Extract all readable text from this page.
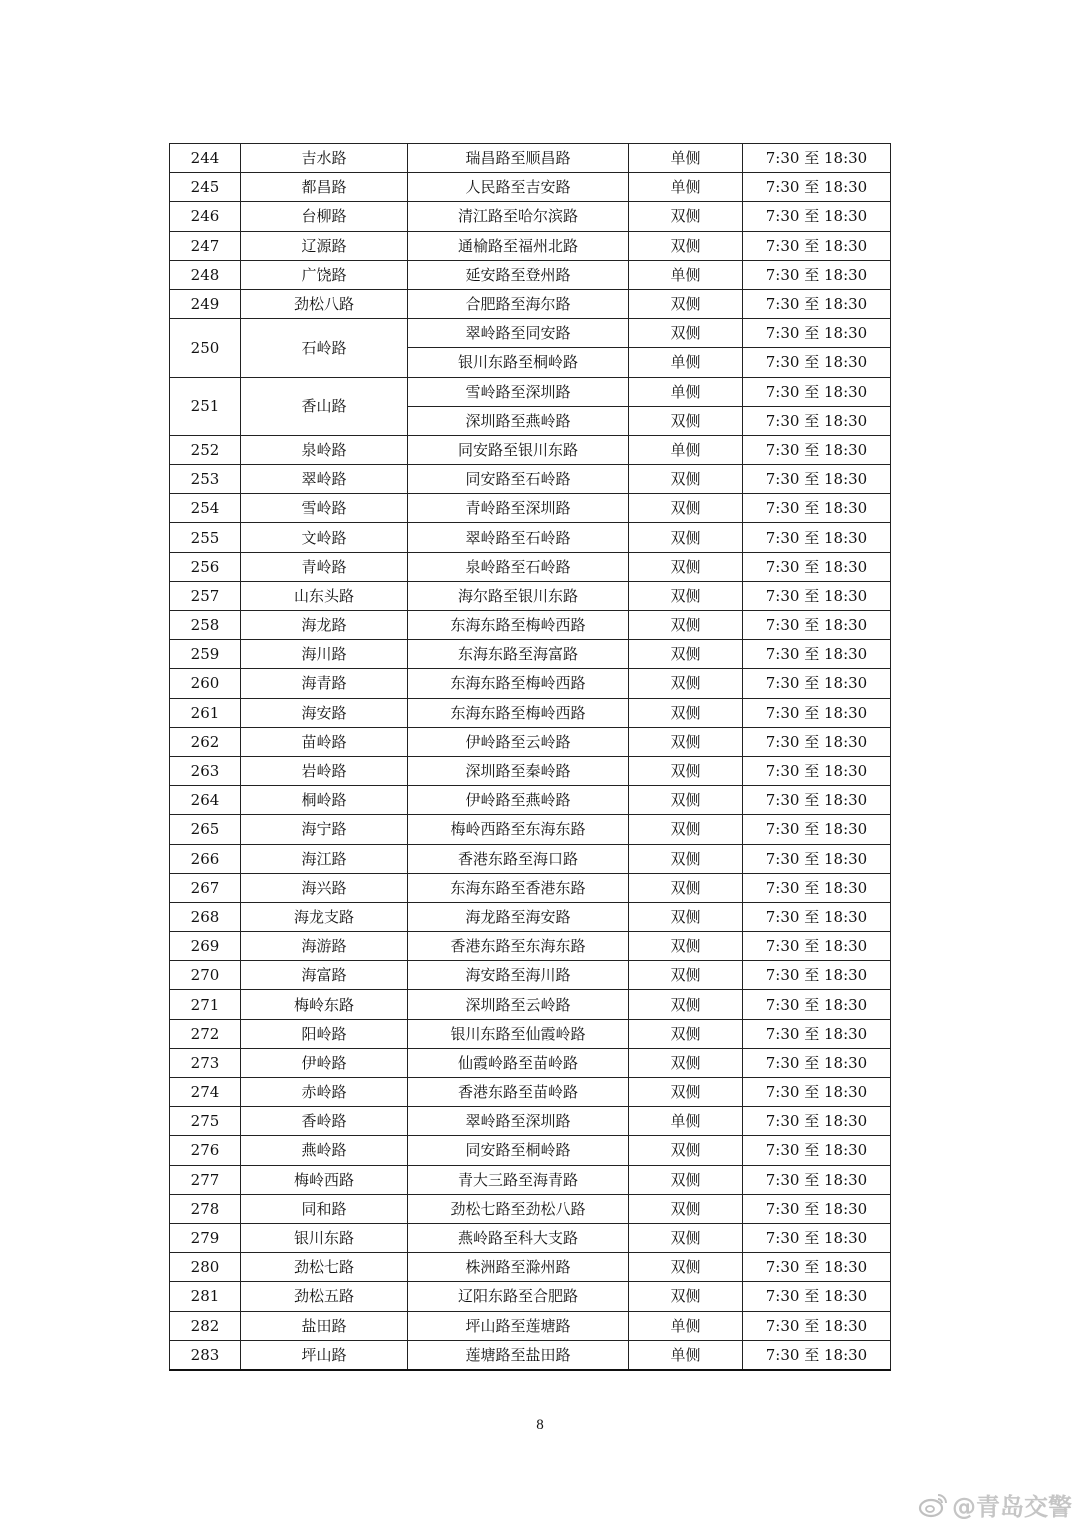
244	吉水路	瑞昌路至顺昌路	单侧	7:30 至 18:30
245	都昌路	人民路至吉安路	单侧	7:30 至 18:30
246	台柳路	清江路至哈尔滨路	双侧	7:30 至 18:30
247	辽源路	通榆路至福州北路	双侧	7:30 至 18:30
248	广饶路	延安路至登州路	单侧	7:30 至 18:30
249	劲松八路	合肥路至海尔路	双侧	7:30 至 18:30
250	石岭路	翠岭路至同安路	双侧	7:30 至 18:30
		银川东路至桐岭路	单侧	7:30 至 18:30
251	香山路	雪岭路至深圳路	单侧	7:30 至 18:30
		深圳路至燕岭路	双侧	7:30 至 18:30
252	泉岭路	同安路至银川东路	单侧	7:30 至 18:30
253	翠岭路	同安路至石岭路	双侧	7:30 至 18:30
254	雪岭路	青岭路至深圳路	双侧	7:30 至 18:30
255	文岭路	翠岭路至石岭路	双侧	7:30 至 18:30
256	青岭路	泉岭路至石岭路	双侧	7:30 至 18:30
257	山东头路	海尔路至银川东路	双侧	7:30 至 18:30
258	海龙路	东海东路至梅岭西路	双侧	7:30 至 18:30
259	海川路	东海东路至海富路	双侧	7:30 至 18:30
260	海青路	东海东路至梅岭西路	双侧	7:30 至 18:30
261	海安路	东海东路至梅岭西路	双侧	7:30 至 18:30
262	苗岭路	伊岭路至云岭路	双侧	7:30 至 18:30
263	岩岭路	深圳路至秦岭路	双侧	7:30 至 18:30
264	桐岭路	伊岭路至燕岭路	双侧	7:30 至 18:30
265	海宁路	梅岭西路至东海东路	双侧	7:30 至 18:30
266	海江路	香港东路至海口路	双侧	7:30 至 18:30
267	海兴路	东海东路至香港东路	双侧	7:30 至 18:30
268	海龙支路	海龙路至海安路	双侧	7:30 至 18:30
269	海游路	香港东路至东海东路	双侧	7:30 至 18:30
270	海富路	海安路至海川路	双侧	7:30 至 18:30
271	梅岭东路	深圳路至云岭路	双侧	7:30 至 18:30
272	阳岭路	银川东路至仙霞岭路	双侧	7:30 至 18:30
273	伊岭路	仙霞岭路至苗岭路	双侧	7:30 至 18:30
274	赤岭路	香港东路至苗岭路	双侧	7:30 至 18:30
275	香岭路	翠岭路至深圳路	单侧	7:30 至 18:30
276	燕岭路	同安路至桐岭路	双侧	7:30 至 18:30
277	梅岭西路	青大三路至海青路	双侧	7:30 至 18:30
278	同和路	劲松七路至劲松八路	双侧	7:30 至 18:30
279	银川东路	燕岭路至科大支路	双侧	7:30 至 18:30
280	劲松七路	株洲路至滁州路	双侧	7:30 至 18:30
281	劲松五路	辽阳东路至合肥路	双侧	7:30 至 18:30
282	盐田路	坪山路至莲塘路	单侧	7:30 至 18:30
283	坪山路	莲塘路至盐田路	单侧	7:30 至 18:30
8
@青岛交警
